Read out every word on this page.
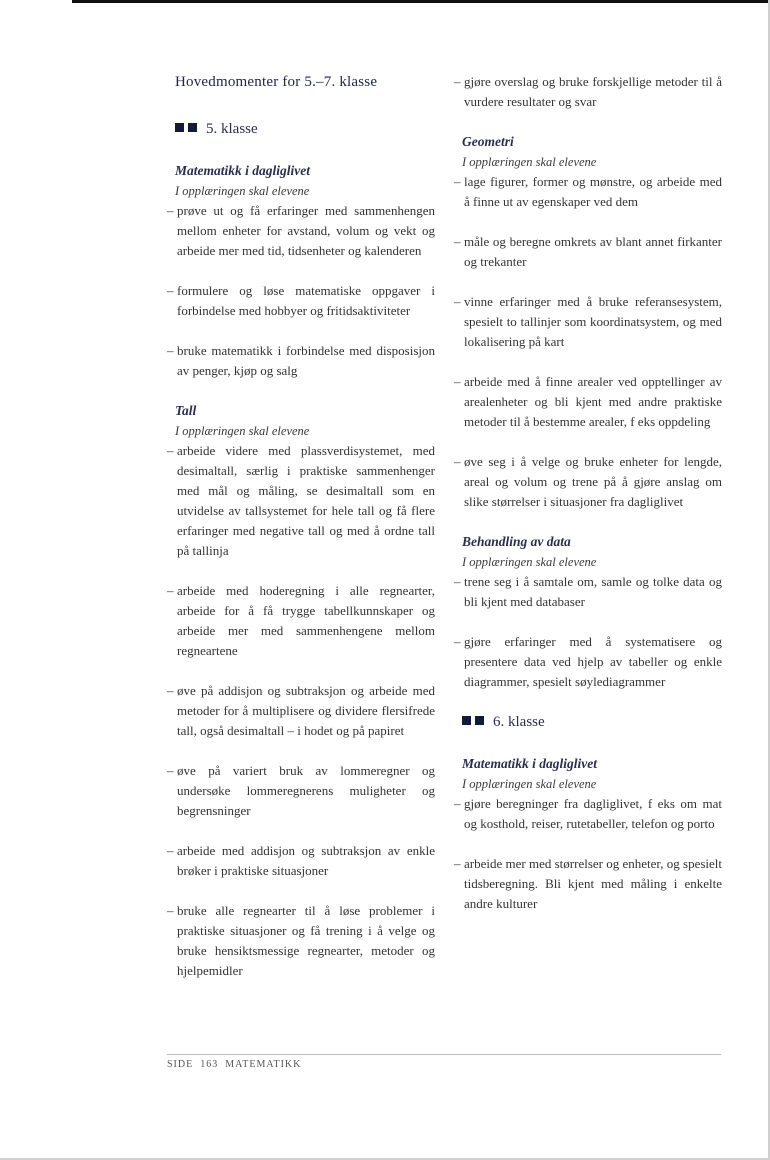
Hovedmomenter for 5.–7. klasse
5. klasse
Matematikk i dagliglivet
I opplæringen skal elevene
– prøve ut og få erfaringer med sammenhengen mellom enheter for avstand, volum og vekt og arbeide mer med tid, tidsenheter og kalenderen
– formulere og løse matematiske oppgaver i forbindelse med hobbyer og fritidsaktiviteter
– bruke matematikk i forbindelse med disposisjon av penger, kjøp og salg
Tall
I opplæringen skal elevene
– arbeide videre med plassverdisystemet, med desimaltall, særlig i praktiske sammenhenger med mål og måling, se desimaltall som en utvidelse av tallsystemet for hele tall og få flere erfaringer med negative tall og med å ordne tall på tallinja
– arbeide med hoderegning i alle regnearter, arbeide for å få trygge tabellkunnskaper og arbeide mer med sammenhengene mellom regneartene
– øve på addisjon og subtraksjon og arbeide med metoder for å multiplisere og dividere flersifrede tall, også desimaltall – i hodet og på papiret
– øve på variert bruk av lommeregner og undersøke lommeregnerens muligheter og begrensninger
– arbeide med addisjon og subtraksjon av enkle brøker i praktiske situasjoner
– bruke alle regnearter til å løse problemer i praktiske situasjoner og få trening i å velge og bruke hensiktsmessige regnearter, metoder og hjelpemidler
– gjøre overslag og bruke forskjellige metoder til å vurdere resultater og svar
Geometri
I opplæringen skal elevene
– lage figurer, former og mønstre, og arbeide med å finne ut av egenskaper ved dem
– måle og beregne omkrets av blant annet firkanter og trekanter
– vinne erfaringer med å bruke referansesystem, spesielt to tallinjer som koordinatsystem, og med lokalisering på kart
– arbeide med å finne arealer ved opptellinger av arealenheter og bli kjent med andre praktiske metoder til å bestemme arealer, f eks oppdeling
– øve seg i å velge og bruke enheter for lengde, areal og volum og trene på å gjøre anslag om slike størrelser i situasjoner fra dagliglivet
Behandling av data
I opplæringen skal elevene
– trene seg i å samtale om, samle og tolke data og bli kjent med databaser
– gjøre erfaringer med å systematisere og presentere data ved hjelp av tabeller og enkle diagrammer, spesielt søylediagrammer
6. klasse
Matematikk i dagliglivet
I opplæringen skal elevene
– gjøre beregninger fra dagliglivet, f eks om mat og kosthold, reiser, rutetabeller, telefon og porto
– arbeide mer med størrelser og enheter, og spesielt tidsberegning. Bli kjent med måling i enkelte andre kulturer
SIDE 163 MATEMATIKK
